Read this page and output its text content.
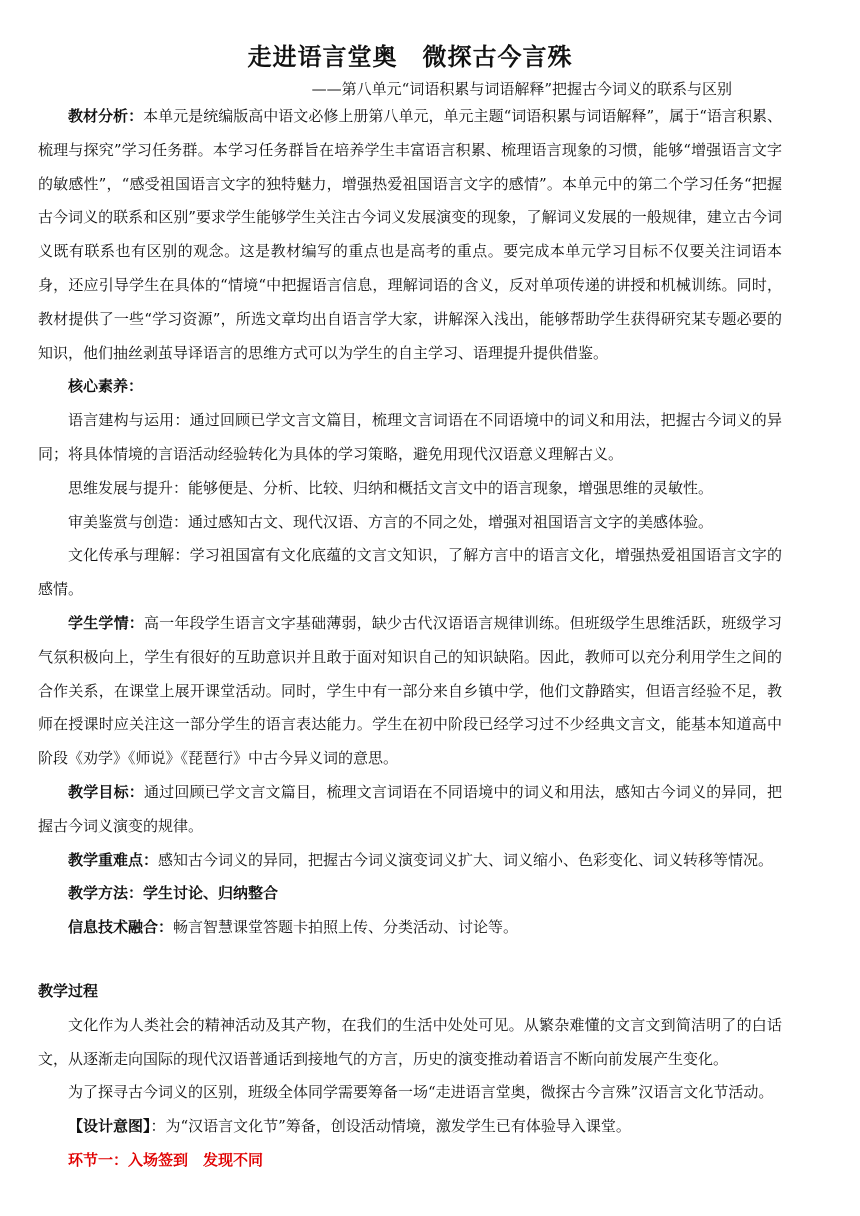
走进语言堂奥　微探古今言殊
——第八单元“词语积累与词语解释”把握古今词义的联系与区别

教材分析：本单元是统编版高中语文必修上册第八单元，单元主题“词语积累与词语解释”，属于“语言积累、梳理与探究”学习任务群。本学习任务群旨在培养学生丰富语言积累、梳理语言现象的习惯，能够“增强语言文字的敏感性”，“感受祖国语言文字的独特魅力，增强热爱祖国语言文字的感情”。本单元中的第二个学习任务“把握古今词义的联系和区别”要求学生能够学生关注古今词义发展演变的现象，了解词义发展的一般规律，建立古今词义既有联系也有区别的观念。这是教材编写的重点也是高考的重点。要完成本单元学习目标不仅要关注词语本身，还应引导学生在具体的“情境“中把握语言信息，理解词语的含义，反对单项传递的讲授和机械训练。同时，教材提供了一些“学习资源”，所选文章均出自语言学大家，讲解深入浅出，能够帮助学生获得研究某专题必要的知识，他们抽丝剥茧导译语言的思维方式可以为学生的自主学习、语理提升提供借鉴。

核心素养：

语言建构与运用：通过回顾已学文言文篇目，梳理文言词语在不同语境中的词义和用法，把握古今词义的异同；将具体情境的言语活动经验转化为具体的学习策略，避免用现代汉语意义理解古义。

思维发展与提升：能够便是、分析、比较、归纳和概括文言文中的语言现象，增强思维的灵敏性。

审美鉴赏与创造：通过感知古文、现代汉语、方言的不同之处，增强对祖国语言文字的美感体验。

文化传承与理解：学习祖国富有文化底蕴的文言文知识，了解方言中的语言文化，增强热爱祖国语言文字的感情。

学生学情：高一年段学生语言文字基础薄弱，缺少古代汉语语言规律训练。但班级学生思维活跃，班级学习气氛积极向上，学生有很好的互助意识并且敢于面对知识自己的知识缺陷。因此，教师可以充分利用学生之间的合作关系，在课堂上展开课堂活动。同时，学生中有一部分来自乡镇中学，他们文静踏实，但语言经验不足，教师在授课时应关注这一部分学生的语言表达能力。学生在初中阶段已经学习过不少经典文言文，能基本知道高中阶段《劝学》《师说》《琵琶行》中古今异义词的意思。

教学目标：通过回顾已学文言文篇目，梳理文言词语在不同语境中的词义和用法，感知古今词义的异同，把握古今词义演变的规律。

教学重难点：感知古今词义的异同，把握古今词义演变词义扩大、词义缩小、色彩变化、词义转移等情况。

教学方法：学生讨论、归纳整合

信息技术融合：畅言智慧课堂答题卡拍照上传、分类活动、讨论等。

教学过程

文化作为人类社会的精神活动及其产物，在我们的生活中处处可见。从繁杂难懂的文言文到简洁明了的白话文，从逐渐走向国际的现代汉语普通话到接地气的方言，历史的演变推动着语言不断向前发展产生变化。

为了探寻古今词义的区别，班级全体同学需要筹备一场“走进语言堂奥，微探古今言殊”汉语言文化节活动。

【设计意图】：为“汉语言文化节”筹备，创设活动情境，激发学生已有体验导入课堂。

环节一：入场签到　发现不同
